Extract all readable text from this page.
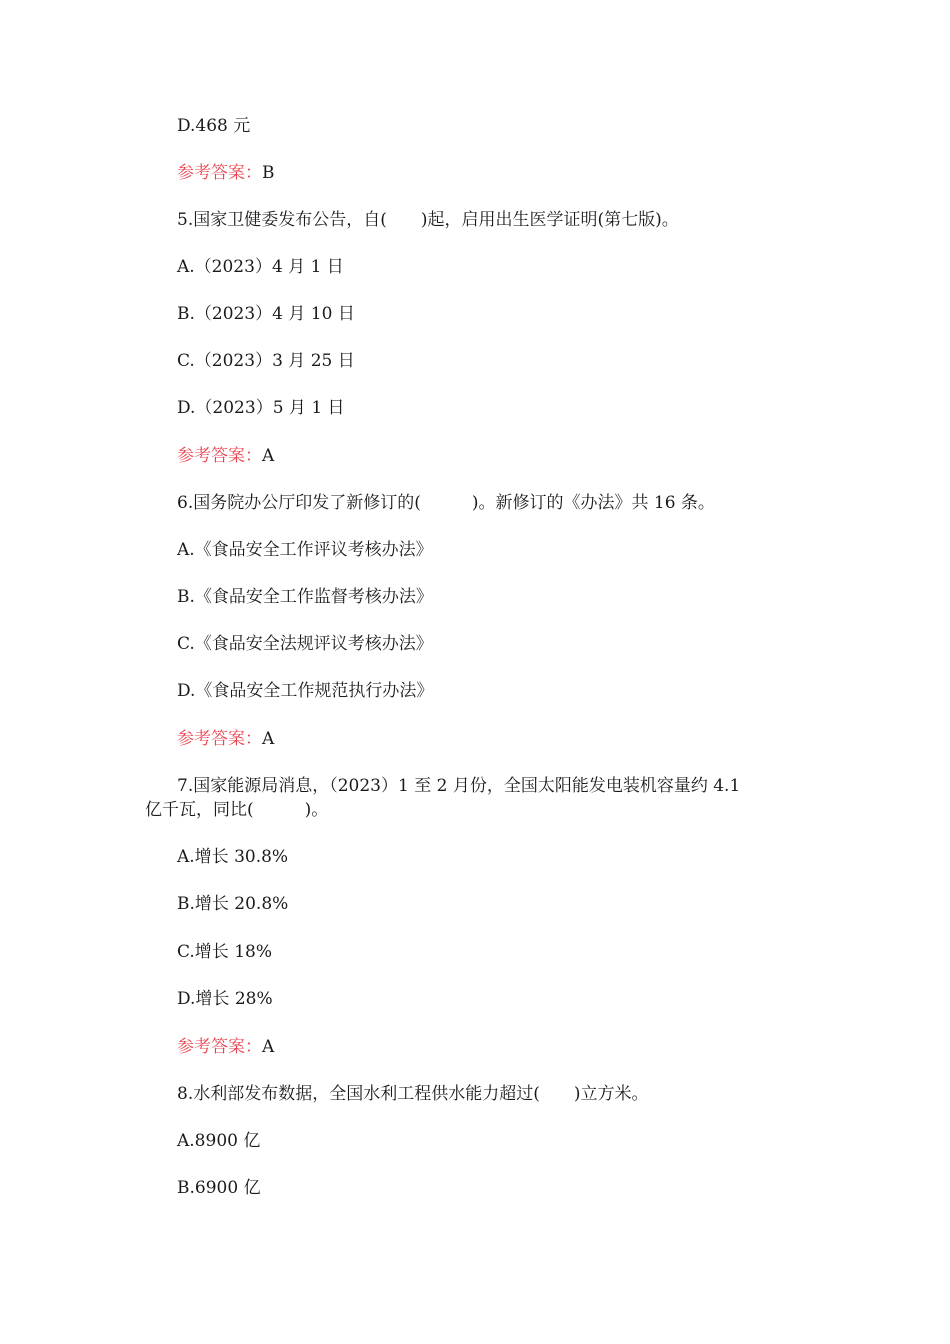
D.468 元
参考答案：B
5.国家卫健委发布公告，自(　　)起，启用出生医学证明(第七版)。
A.（2023）4 月 1 日
B.（2023）4 月 10 日
C.（2023）3 月 25 日
D.（2023）5 月 1 日
参考答案：A
6.国务院办公厅印发了新修订的(　　　)。新修订的《办法》共 16 条。
A.《食品安全工作评议考核办法》
B.《食品安全工作监督考核办法》
C.《食品安全法规评议考核办法》
D.《食品安全工作规范执行办法》
参考答案：A
7.国家能源局消息，（2023）1 至 2 月份，全国太阳能发电装机容量约 4.1
亿千瓦，同比(　　　)。
A.增长 30.8%
B.增长 20.8%
C.增长 18%
D.增长 28%
参考答案：A
8.水利部发布数据，全国水利工程供水能力超过(　　)立方米。
A.8900 亿
B.6900 亿
